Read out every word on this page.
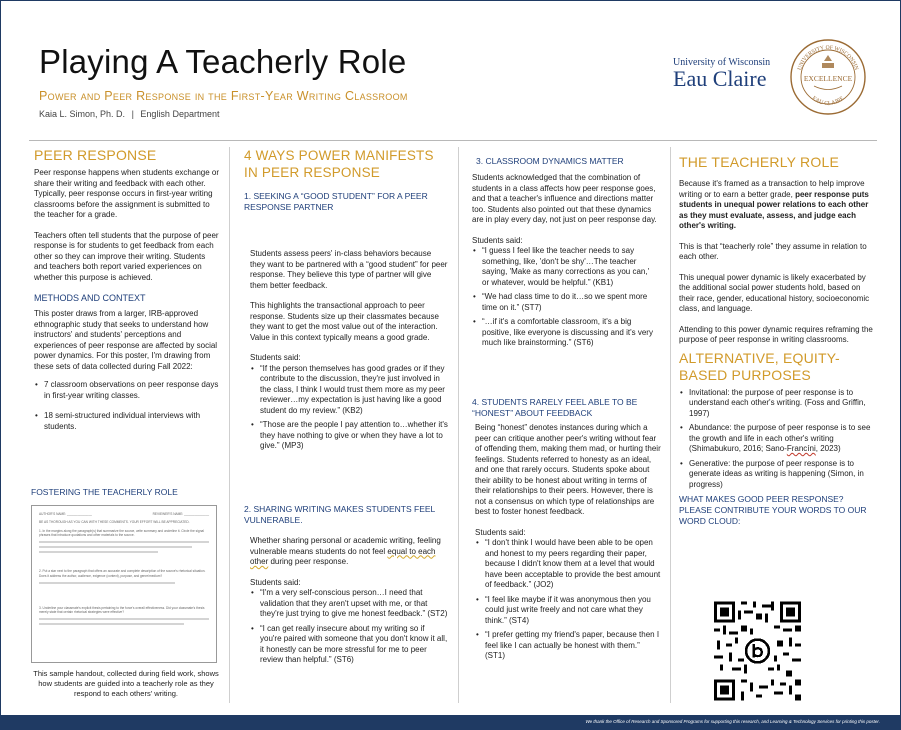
Playing A Teacherly Role
Power and Peer Response in the First-Year Writing Classroom
Kaia L. Simon, Ph. D. | English Department
University of Wisconsin
Eau Claire	UNIVERSITY OF WISCONSIN
EXCELLENCE
EAU CLAIRE
PEER RESPONSE
Peer response happens when students exchange or share their writing and feedback with each other. Typically, peer response occurs in first-year writing classrooms before the assignment is submitted to the teacher for a grade.
Teachers often tell students that the purpose of peer response is for students to get feedback from each other so they can improve their writing. Students and teachers both report varied experiences on whether this purpose is achieved.
METHODS AND CONTEXT
This poster draws from a larger, IRB-approved ethnographic study that seeks to understand how instructors' and students' perceptions and experiences of peer response are affected by social power dynamics. For this poster, I'm drawing from these sets of data collected during Fall 2022:
• 7 classroom observations on peer response days in first-year writing classes.
• 18 semi-structured individual interviews with students.
FOSTERING THE TEACHERLY ROLE
AUTHOR'S NAME: ______________	REVIEWER'S NAME: ______________
BE AS THOROUGH AS YOU CAN WITH THESE COMMENTS. YOUR EFFORT WILL BE APPRECIATED.
1. In the margins along the paragraph(s) that summarize the source, write summary and underline it. Circle the signal phrases that introduce quotations and other materials to the source.
2. Put a star next to the paragraph that offers an accurate and complete description of the source's rhetorical situation. Does it address the author, audience, exigence (context), purpose, and genre/medium?
3. Underline your classmate's explicit thesis pertaining to the force's overall effectiveness. Did your classmate's thesis merely state that certain rhetorical strategies were effective?
This sample handout, collected during field work, shows how students are guided into a teacherly role as they respond to each others' writing.
4 WAYS POWER MANIFESTS IN PEER RESPONSE
1. SEEKING A “GOOD STUDENT” FOR A PEER RESPONSE PARTNER
Students assess peers' in-class behaviors because they want to be partnered with a “good student” for peer response. They believe this type of partner will give them better feedback.
This highlights the transactional approach to peer response. Students size up their classmates because they want to get the most value out of the interaction. Value in this context typically means a good grade.
Students said:
• “If the person themselves has good grades or if they contribute to the discussion, they're just involved in the class, I think I would trust them more as my peer reviewer…my expectation is just having like a good student do my review.” (KB2)
• “Those are the people I pay attention to…whether it's they have nothing to give or when they have a lot to give.” (MP3)
2. SHARING WRITING MAKES STUDENTS FEEL VULNERABLE.
Whether sharing personal or academic writing, feeling vulnerable means students do not feel equal to each other during peer response.
Students said:
• “I'm a very self-conscious person…I need that validation that they aren't upset with me, or that they're just trying to give me honest feedback.” (ST2)
• “I can get really insecure about my writing so if you're paired with someone that you don't know it all, it honestly can be more stressful for me to peer review than helpful.” (ST6)
3. CLASSROOM DYNAMICS MATTER
Students acknowledged that the combination of students in a class affects how peer response goes, and that a teacher's influence and directions matter too. Students also pointed out that these dynamics are in play every day, not just on peer response day.
Students said:
• “I guess I feel like the teacher needs to say something, like, 'don't be shy'…The teacher saying, 'Make as many corrections as you can,' or whatever, would be helpful.” (KB1)
• “We had class time to do it…so we spent more time on it.” (ST7)
• “…if it's a comfortable classroom, it's a big positive, like everyone is discussing and it's very much like brainstorming.” (ST6)
4. STUDENTS RARELY FEEL ABLE TO BE “HONEST” ABOUT FEEDBACK
Being “honest” denotes instances during which a peer can critique another peer's writing without fear of offending them, making them mad, or hurting their feelings. Students referred to honesty as an ideal, and one that rarely occurs. Students spoke about their ability to be honest about writing in terms of their relationships to their peers. However, there is not a consensus on which type of relationships are best to foster honest feedback.
Students said:
• “I don't think I would have been able to be open and honest to my peers regarding their paper, because I didn't know them at a level that would have been acceptable to provide the best amount of feedback.” (JO2)
• “I feel like maybe if it was anonymous then you could just write freely and not care what they think.” (ST4)
• “I prefer getting my friend's paper, because then I feel like I can actually be honest with them.” (ST1)
THE TEACHERLY ROLE
Because it's framed as a transaction to help improve writing or to earn a better grade, peer response puts students in unequal power relations to each other as they must evaluate, assess, and judge each other's writing.
This is that “teacherly role” they assume in relation to each other.
This unequal power dynamic is likely exacerbated by the additional social power students hold, based on their race, gender, educational history, socioeconomic class, and language.
Attending to this power dynamic requires reframing the purpose of peer response in writing classrooms.
ALTERNATIVE, EQUITY-BASED PURPOSES
• Invitational: the purpose of peer response is to understand each other's writing. (Foss and Griffin, 1997)
• Abundance: the purpose of peer response is to see the growth and life in each other's writing (Shimabukuro, 2016; Sano-Francíni, 2023)
• Generative: the purpose of peer response is to generate ideas as writing is happening (Simon, in progress)
WHAT MAKES GOOD PEER RESPONSE? PLEASE CONTRIBUTE YOUR WORDS TO OUR WORD CLOUD:
We thank the Office of Research and Sponsored Programs for supporting this research, and Learning & Technology Services for printing this poster.
